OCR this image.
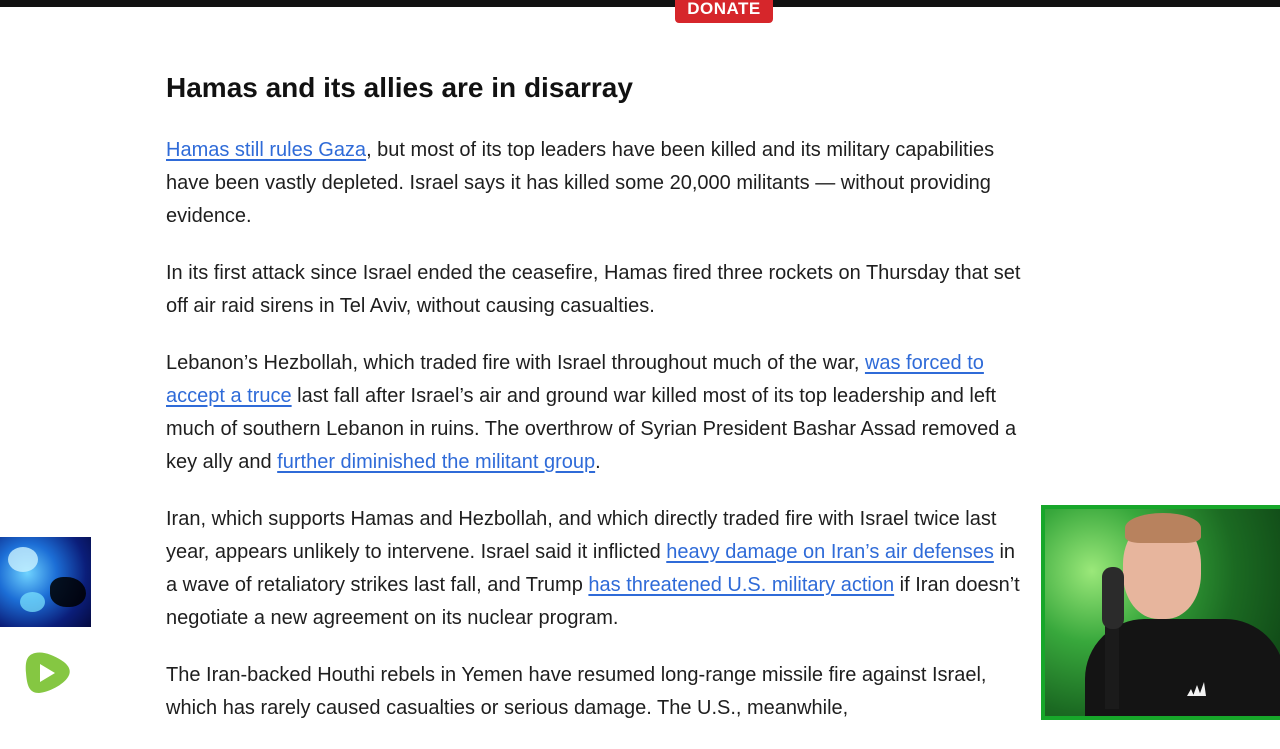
DONATE
Hamas and its allies are in disarray

Hamas still rules Gaza, but most of its top leaders have been killed and its military capabilities have been vastly depleted. Israel says it has killed some 20,000 militants — without providing evidence.

In its first attack since Israel ended the ceasefire, Hamas fired three rockets on Thursday that set off air raid sirens in Tel Aviv, without causing casualties.

Lebanon’s Hezbollah, which traded fire with Israel throughout much of the war, was forced to accept a truce last fall after Israel’s air and ground war killed most of its top leadership and left much of southern Lebanon in ruins. The overthrow of Syrian President Bashar Assad removed a key ally and further diminished the militant group.

Iran, which supports Hamas and Hezbollah, and which directly traded fire with Israel twice last year, appears unlikely to intervene. Israel said it inflicted heavy damage on Iran’s air defenses in a wave of retaliatory strikes last fall, and Trump has threatened U.S. military action if Iran doesn’t negotiate a new agreement on its nuclear program.

The Iran-backed Houthi rebels in Yemen have resumed long-range missile fire against Israel, which has rarely caused casualties or serious damage. The U.S., meanwhile,
